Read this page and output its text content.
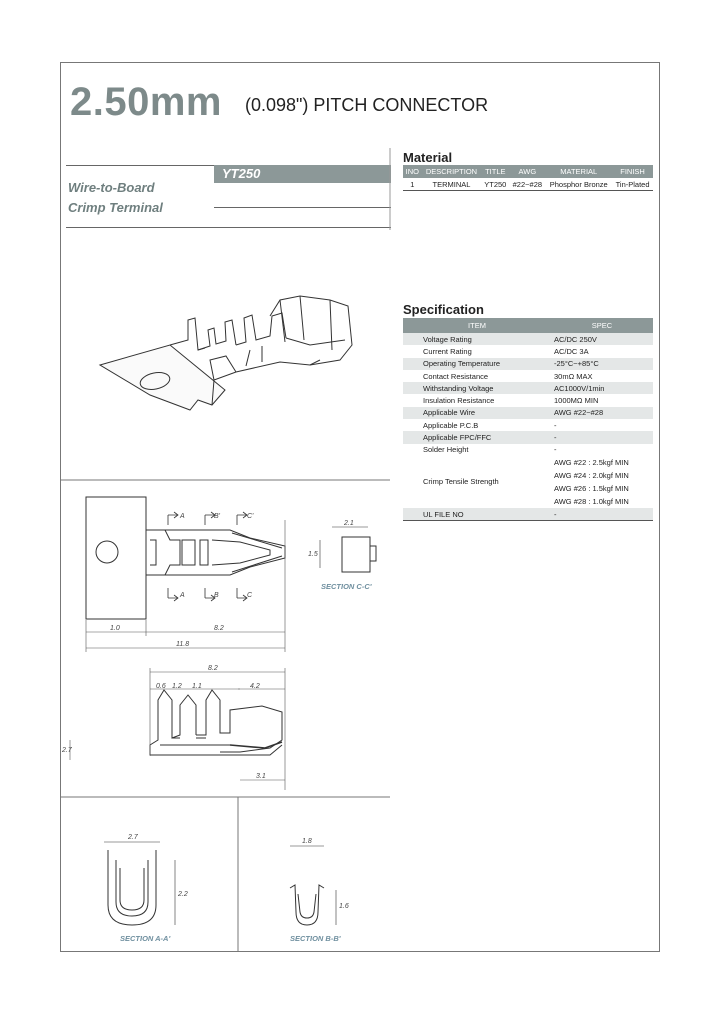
2.50mm (0.098") PITCH CONNECTOR
YT250
Wire-to-Board
Crimp Terminal
Material
INO	DESCRIPTION	TITLE	AWG	MATERIAL	FINISH
1	TERMINAL	YT250	#22~#28	Phosphor Bronze	Tin-Plated
Specification
ITEM	SPEC
Voltage Rating	AC/DC 250V
Current Rating	AC/DC 3A
Operating Temperature	-25°C~+85°C
Contact Resistance	30mΩ MAX
Withstanding Voltage	AC1000V/1min
Insulation Resistance	1000MΩ MIN
Applicable Wire	AWG #22~#28
Applicable P.C.B	-
Applicable FPC/FFC	-
Solder Height	-
Crimp Tensile Strength	AWG #22 : 2.5kgf MIN
AWG #24 : 2.0kgf MIN
AWG #26 : 1.5kgf MIN
AWG #28 : 1.0kgf MIN

UL FILE NO	-
A	B'	C'
A	B	C
1.0	8.2
11.8
2.1
1.5
8.2
0.6 1.2 1.1	4.2
2.7
3.1
2.7
2.2
1.8
1.6
SECTION C-C'
SECTION A-A'	SECTION B-B'
